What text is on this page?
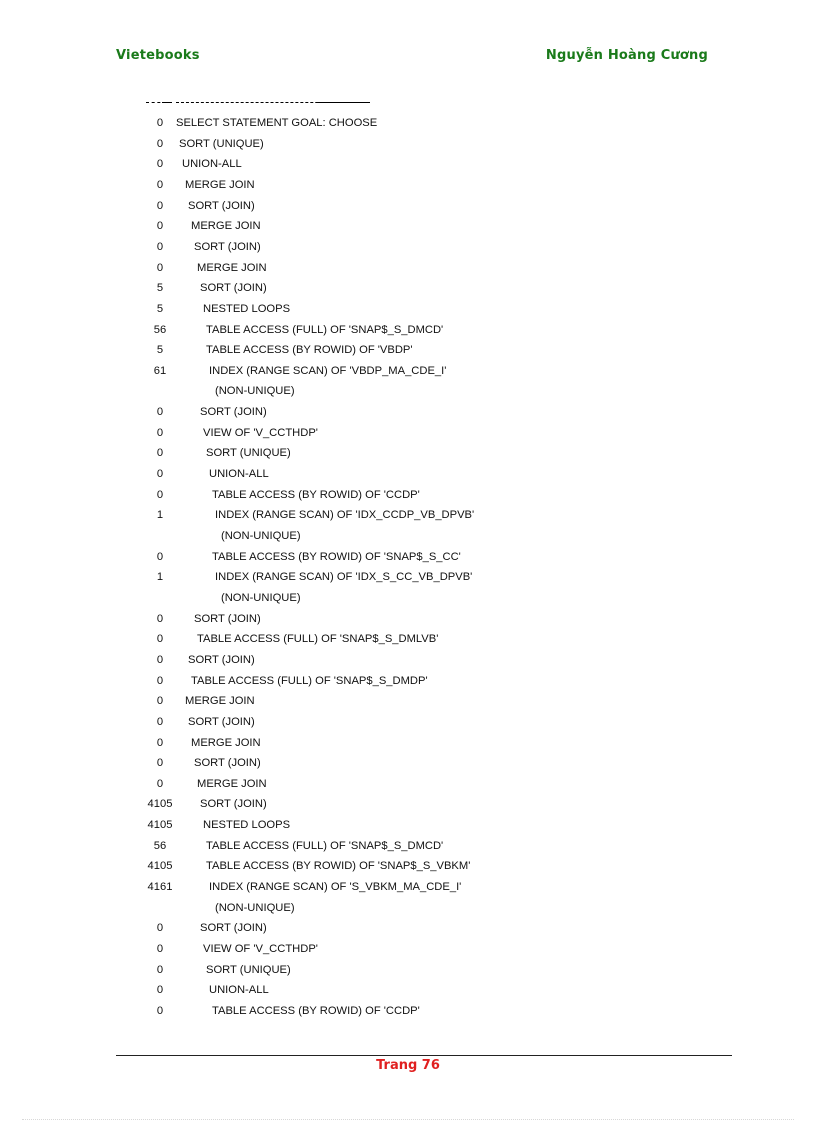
Vietebooks	Nguyễn Hoàng Cương
0	SELECT STATEMENT GOAL: CHOOSE
0	SORT (UNIQUE)
0	UNION-ALL
0	MERGE JOIN
0	SORT (JOIN)
0	MERGE JOIN
0	SORT (JOIN)
0	MERGE JOIN
5	SORT (JOIN)
5	NESTED LOOPS
56	TABLE ACCESS (FULL) OF 'SNAP$_S_DMCD'
5	TABLE ACCESS (BY ROWID) OF 'VBDP'
61	INDEX (RANGE SCAN) OF 'VBDP_MA_CDE_I'
(NON-UNIQUE)
0	SORT (JOIN)
0	VIEW OF 'V_CCTHDP'
0	SORT (UNIQUE)
0	UNION-ALL
0	TABLE ACCESS (BY ROWID) OF 'CCDP'
1	INDEX (RANGE SCAN) OF 'IDX_CCDP_VB_DPVB'
(NON-UNIQUE)
0	TABLE ACCESS (BY ROWID) OF 'SNAP$_S_CC'
1	INDEX (RANGE SCAN) OF 'IDX_S_CC_VB_DPVB'
(NON-UNIQUE)
0	SORT (JOIN)
0	TABLE ACCESS (FULL) OF 'SNAP$_S_DMLVB'
0	SORT (JOIN)
0	TABLE ACCESS (FULL) OF 'SNAP$_S_DMDP'
0	MERGE JOIN
0	SORT (JOIN)
0	MERGE JOIN
0	SORT (JOIN)
0	MERGE JOIN
4105	SORT (JOIN)
4105	NESTED LOOPS
56	TABLE ACCESS (FULL) OF 'SNAP$_S_DMCD'
4105	TABLE ACCESS (BY ROWID) OF 'SNAP$_S_VBKM'
4161	INDEX (RANGE SCAN) OF 'S_VBKM_MA_CDE_I'
(NON-UNIQUE)
0	SORT (JOIN)
0	VIEW OF 'V_CCTHDP'
0	SORT (UNIQUE)
0	UNION-ALL
0	TABLE ACCESS (BY ROWID) OF 'CCDP'
Trang 76
